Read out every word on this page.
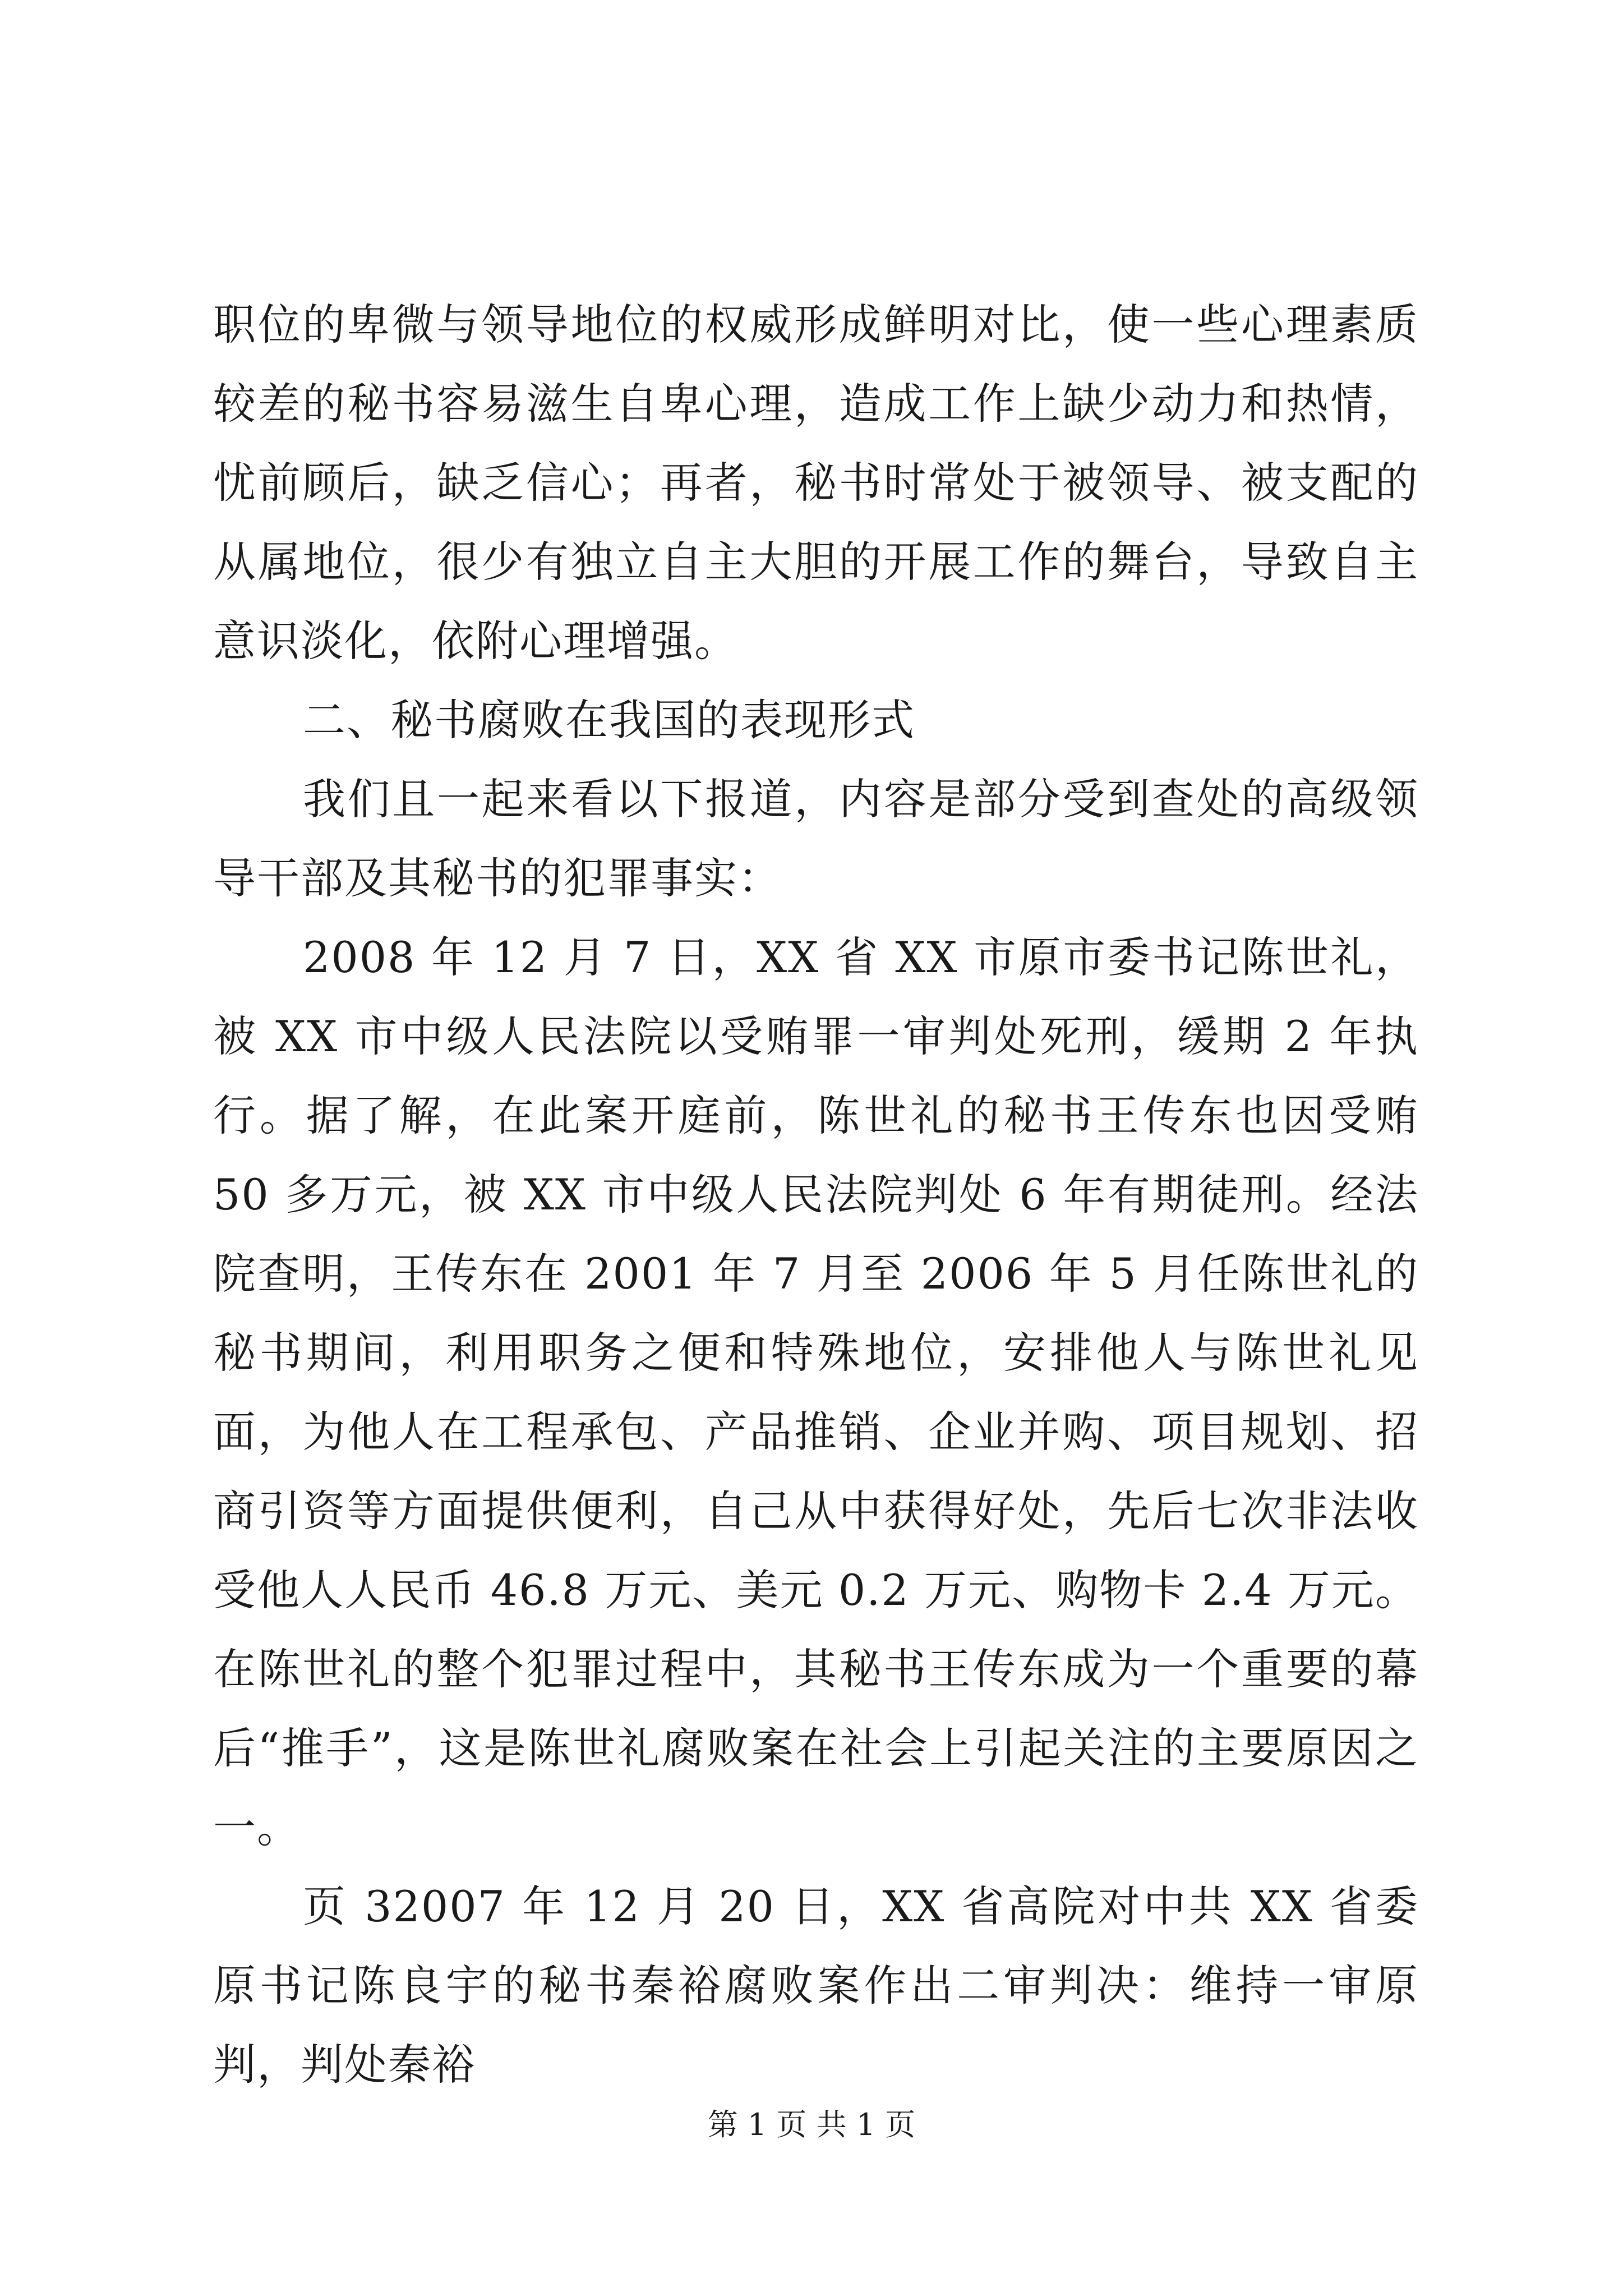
职位的卑微与领导地位的权威形成鲜明对比，使一些心理素质较差的秘书容易滋生自卑心理，造成工作上缺少动力和热情，忧前顾后，缺乏信心；再者，秘书时常处于被领导、被支配的从属地位，很少有独立自主大胆的开展工作的舞台，导致自主意识淡化，依附心理增强。

二、秘书腐败在我国的表现形式

我们且一起来看以下报道，内容是部分受到查处的高级领导干部及其秘书的犯罪事实：

2008 年 12 月 7 日，XX 省 XX 市原市委书记陈世礼，被 XX 市中级人民法院以受贿罪一审判处死刑，缓期 2 年执行。据了解，在此案开庭前，陈世礼的秘书王传东也因受贿 50 多万元，被 XX 市中级人民法院判处 6 年有期徒刑。经法院查明，王传东在 2001 年 7 月至 2006 年 5 月任陈世礼的秘书期间，利用职务之便和特殊地位，安排他人与陈世礼见面，为他人在工程承包、产品推销、企业并购、项目规划、招商引资等方面提供便利，自己从中获得好处，先后七次非法收受他人人民币 46.8 万元、美元 0.2 万元、购物卡 2.4 万元。在陈世礼的整个犯罪过程中，其秘书王传东成为一个重要的幕后“推手”，这是陈世礼腐败案在社会上引起关注的主要原因之一。

页 32007 年 12 月 20 日，XX 省高院对中共 XX 省委原书记陈良宇的秘书秦裕腐败案作出二审判决：维持一审原判，判处秦裕

第 1 页 共 1 页
